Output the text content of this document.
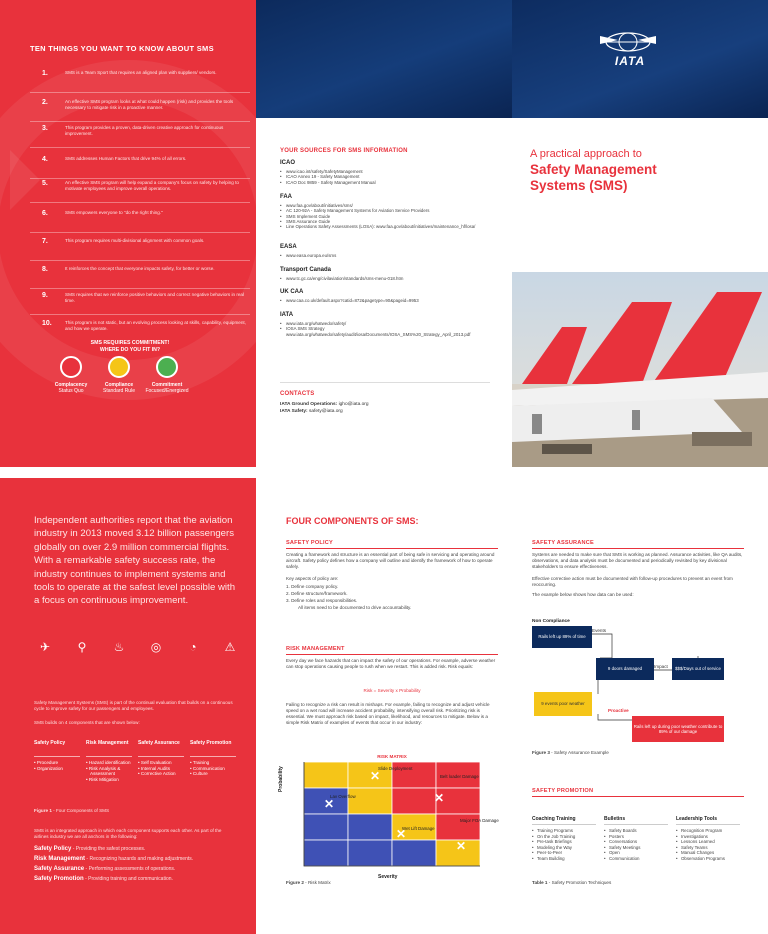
TEN THINGS YOU WANT TO KNOW ABOUT SMS
1.	SMS is a Team Sport that requires an aligned plan with suppliers/ vendors.
2.	An effective SMS program looks at what could happen (risk) and provides the tools necessary to mitigate risk in a proactive manner.
3.	This program provides a proven, data-driven creative approach for continuous improvement.
4.	SMS addresses Human Factors that drive 94% of all errors.
5.	An effective SMS program will help expand a company's focus on safety by helping to motivate employees and improve overall operations.
6.	SMS empowers everyone to "do the right thing."
7.	This program requires multi-divisional alignment with common goals.
8.	It reinforces the concept that everyone impacts safety, for better or worse.
9.	SMS requires that we reinforce positive behaviors and correct negative behaviors in real time.
10.	This program is not static, but an evolving process looking at skills, capability, equipment, and how we operate.
SMS REQUIRES COMMITMENT!
WHERE DO YOU FIT IN?
Complacency
Status Quo
Compliance
Standard Rule
Commitment
Focused/Energized
YOUR SOURCES FOR SMS INFORMATION
ICAO
• www.icao.int/safety/SafetyManagement
• ICAO Annex 19 - Safety Management
• ICAO Doc 9859 - Safety Management Manual
FAA
• www.faa.gov/about/initiatives/sms/
• AC 120-92A - Safety Management Systems for Aviation Service Providers
• SMS Implement Guide
• SMS Assurance Guide
• Line Operations Safety Assessments (LOSA): www.faa.gov/about/initiatives/maintenance_hf/losa/
EASA
• www.easa.europa.eu/sms
Transport Canada
• www.tc.gc.ca/eng/civilaviation/standards/sms-menu-018.htm
UK CAA
• www.caa.co.uk/default.aspx?catid=872&pagetype=90&pageid=9953
IATA
• www.iata.org/whatwedo/safety/
• IOSA SMS Strategy www.iata.org/whatwedo/safety/audit/iosa/Documents/IOSA_SMS%20_Strategy_April_2013.pdf
CONTACTS
IATA Ground Operations: igho@iata.org
IATA Safety: safety@iata.org
IATA
A practical approach to
Safety Management Systems (SMS)
Independent authorities report that the aviation industry in 2013 moved 3.12 billion passengers globally on over 2.9 million commercial flights. With a remarkable safety success rate, the industry continues to implement systems and tools to operate at the safest level possible with a focus on continuous improvement.
✈	⚲	♨	◎	◔	⚠
Safety Management Systems (SMS) is part of the continual evaluation that builds on a continuous cycle to improve safety for our passengers and employees.
SMS builds on 4 components that are shown below:
Safety Policy
• Procedure
• Organization
Risk Management
• Hazard identification
• Risk Analysis & Assessment
• Risk Mitigation
Safety Assurance
• Self Evaluation
• Internal Audits
• Corrective Action
Safety Promotion
• Training
• Communication
• Culture
Figure 1 - Four Components of SMS
SMS is an integrated approach in which each component supports each other. As part of the airlines industry we are all anchors in the following:
Safety Policy - Providing the safest processes.
Risk Management - Recognizing hazards and making adjustments.
Safety Assurance - Performing assessments of operations.
Safety Promotion - Providing training and communication.
FOUR COMPONENTS OF SMS:
SAFETY POLICY
Creating a framework and structure is an essential part of being safe in servicing and operating around aircraft. Safety policy defines how a company will outline and identify the framework of how to operate safely.
Key aspects of policy are:
1. Define company policy.
2. Define structure/framework.
3. Define roles and responsibilities.
All items need to be documented to drive accountability.
RISK MANAGEMENT
Every day we face hazards that can impact the safety of our operations. For example, adverse weather can stop operations causing people to rush when we restart. This is added risk. Risk equals:
Risk = Severity x Probability
Failing to recognize a risk can result in mishaps. For example, failing to recognize and adjust vehicle speed on a wet road will increase accident probability, intensifying overall risk. Prioritizing risk is essential. We must approach risk based on impact, likelihood, and resources to mitigate. Below is a simple Risk Matrix of examples of events that occur in our industry:
RISK MATRIX
Probability	✕
Slide Deployment
✕
Lav Overflow	✕
Belt loader Damage
✕
Wet Lift Damage
✕
Major FOA Damage
Severity
Figure 2 - Risk Matrix
SAFETY ASSURANCE
Systems are needed to make sure that SMS is working as planned. Assurance activities, like QA audits, observations, and data analysis must be documented and periodically revisited by key divisional stakeholders to ensure effectiveness.
Effective corrective action must be documented with follow-up procedures to prevent an event from reoccurring.
The example below shows how data can be used:
Non Compliance
Rails left up 89% of time
Events
9 doors damaged	Impact	$$$/Days out of service
9 events poor weather
Proactive
Rails left up during poor weather contribute to 89% of our damage
Figure 3 - Safety Assurance Example
SAFETY PROMOTION
Coaching Training
• Training Programs
• On the Job Training
• Pre-task Briefings
• Modeling the Way
• Peer-to-Peer
• Team Building
Bulletins
• Safety Boards
• Posters
• Conversations
• Safety Meetings
• Open
• Communication
Leadership Tools
• Recognition Program
• Investigations
• Lessons Learned
• Safety Teams
• Manual Changes
• Observation Programs
Table 1 - Safety Promotion Techniques
